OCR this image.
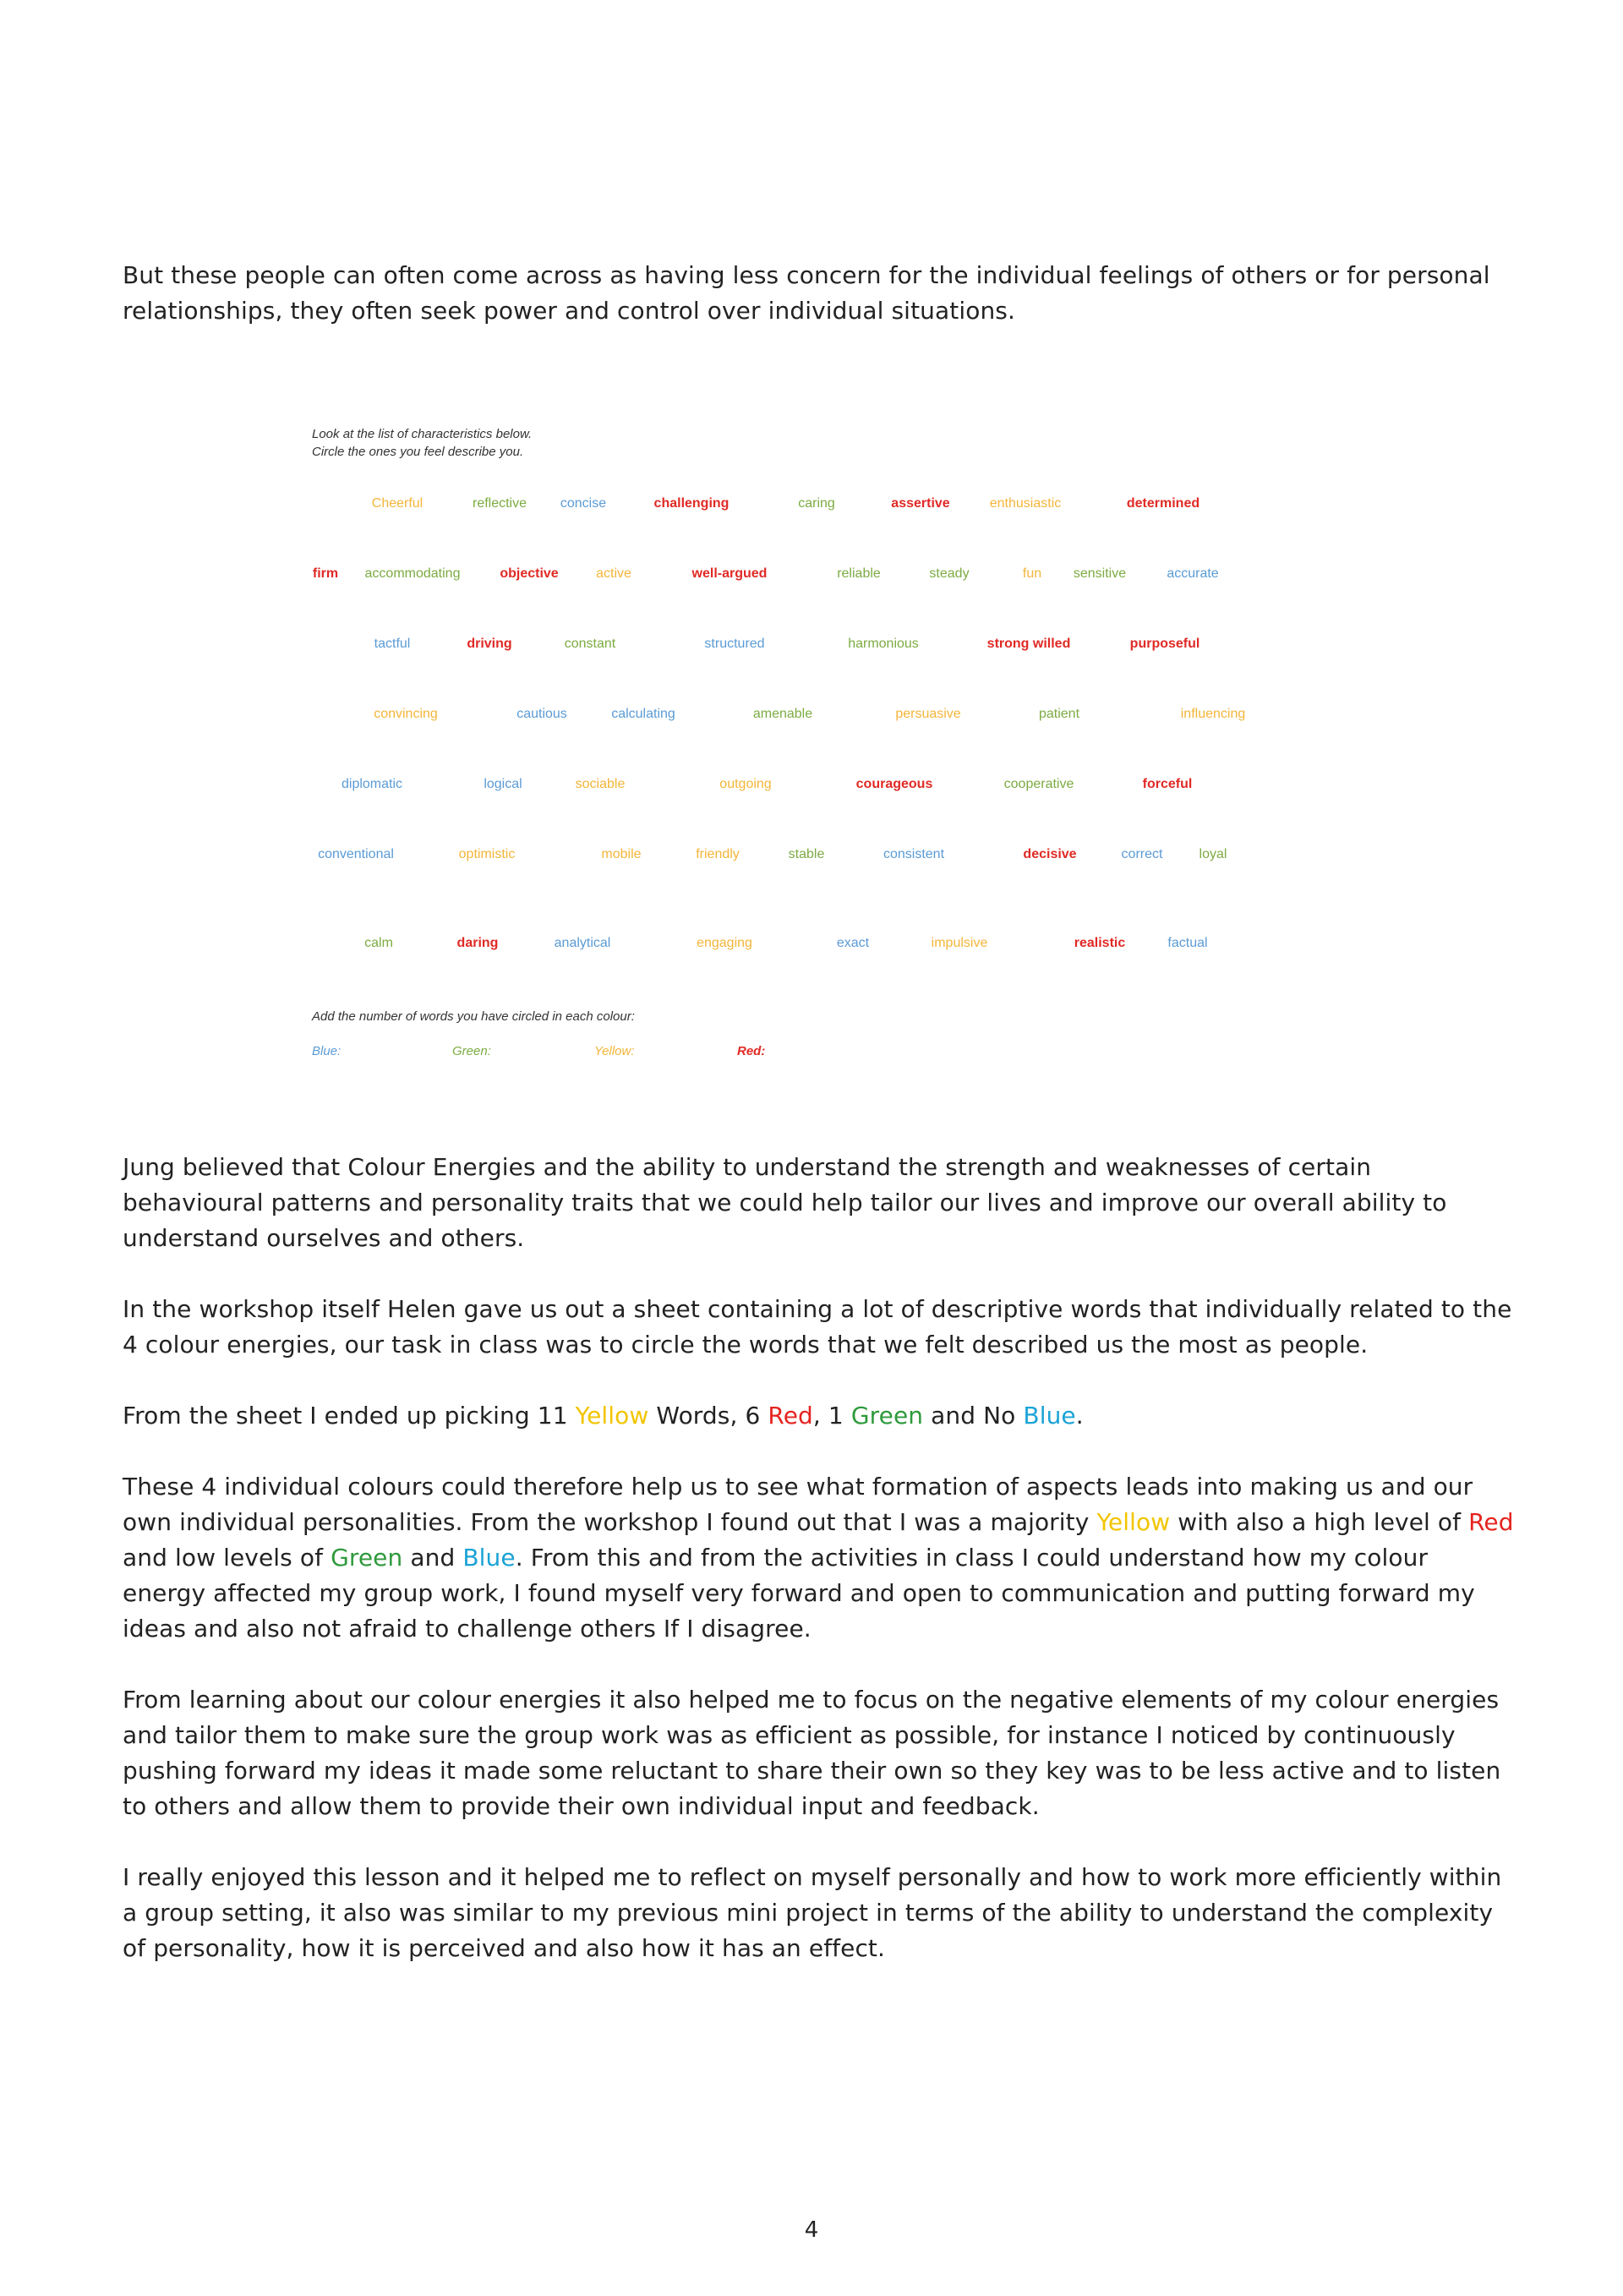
But these people can often come across as having less concern for the individual feelings of others or for personal relationships, they often seek power and control over individual situations.

Look at the list of characteristics below.
Circle the ones you feel describe you.
Cheerful	reflective concise	challenging	caring	assertive	enthusiastic	determined
firm accommodating	objective	active	well-argued	reliable	steady	fun sensitive	accurate
tactful	driving	constant	structured	harmonious	strong willed	purposeful
convincing	cautious	calculating	amenable	persuasive	patient	influencing
diplomatic	logical	sociable	outgoing	courageous	cooperative	forceful
conventional	optimistic	mobile	friendly	stable	consistent	decisive	correct	loyal
calm	daring	analytical	engaging	exact	impulsive	realistic	factual
Add the number of words you have circled in each colour:
Blue:	Green:	Yellow:	Red:

Jung believed that Colour Energies and the ability to understand the strength and weaknesses of certain behavioural patterns and personality traits that we could help tailor our lives and improve our overall ability to understand ourselves and others.

In the workshop itself Helen gave us out a sheet containing a lot of descriptive words that individually related to the 4 colour energies, our task in class was to circle the words that we felt described us the most as people.

From the sheet I ended up picking 11 Yellow Words, 6 Red, 1 Green and No Blue.

These 4 individual colours could therefore help us to see what formation of aspects leads into making us and our own individual personalities. From the workshop I found out that I was a majority Yellow with also a high level of Red and low levels of Green and Blue. From this and from the activities in class I could understand how my colour energy affected my group work, I found myself very forward and open to communication and putting forward my ideas and also not afraid to challenge others If I disagree.

From learning about our colour energies it also helped me to focus on the negative elements of my colour energies and tailor them to make sure the group work was as efficient as possible, for instance I noticed by continuously pushing forward my ideas it made some reluctant to share their own so they key was to be less active and to listen to others and allow them to provide their own individual input and feedback.

I really enjoyed this lesson and it helped me to reflect on myself personally and how to work more efficiently within a group setting, it also was similar to my previous mini project in terms of the ability to understand the complexity of personality, how it is perceived and also how it has an effect.

4
